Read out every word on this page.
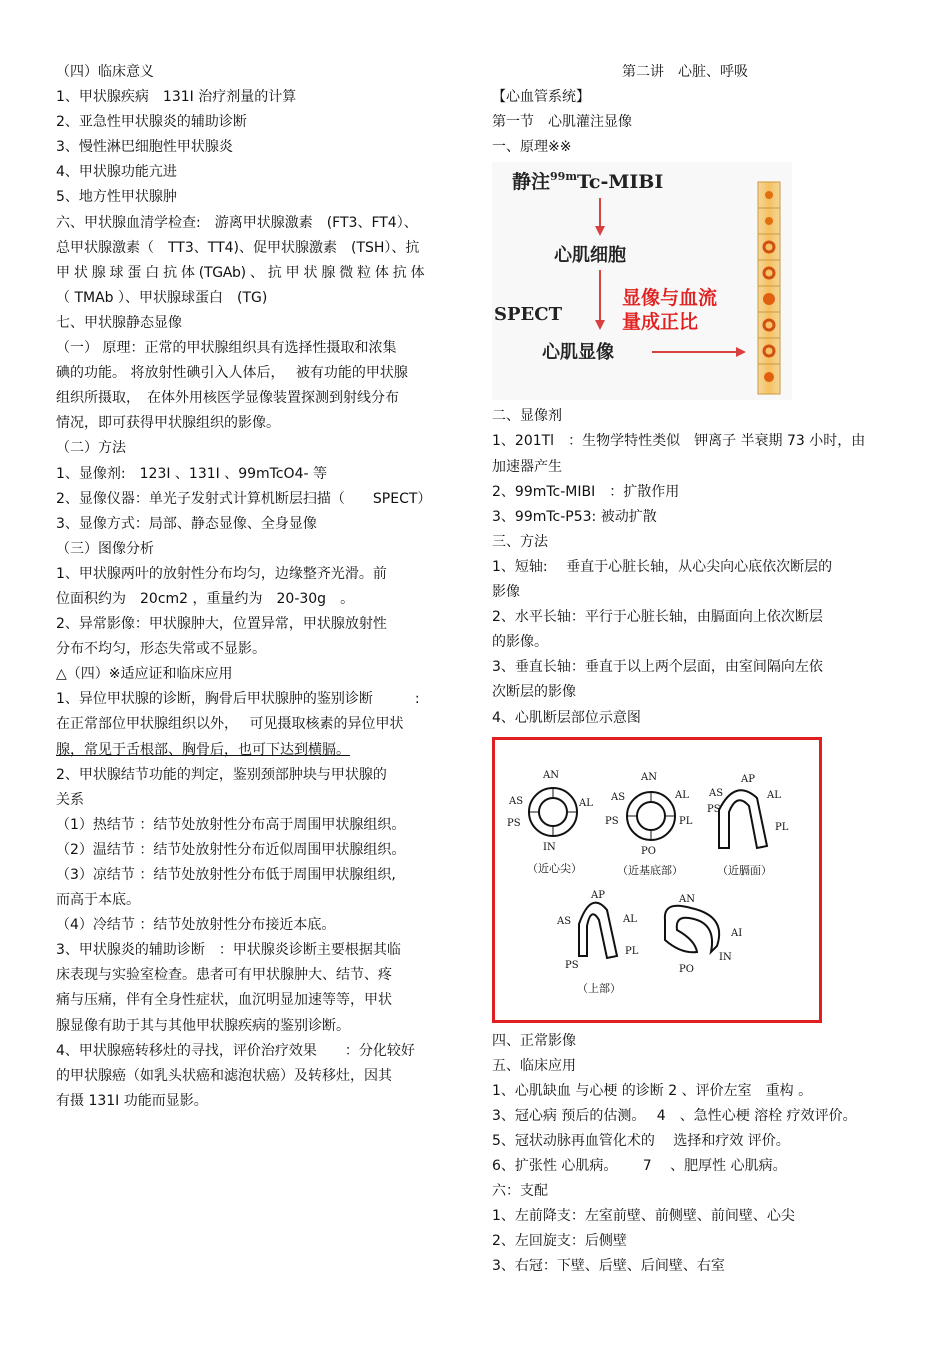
（四）临床意义
1、甲状腺疾病　131I 治疗剂量的计算
2、亚急性甲状腺炎的辅助诊断
3、慢性淋巴细胞性甲状腺炎
4、甲状腺功能亢进
5、地方性甲状腺肿
六、甲状腺血清学检查:　游离甲状腺激素　(FT3、FT4）、
总甲状腺激素（　TT3、TT4)、促甲状腺激素　(TSH）、抗
甲 状 腺 球 蛋 白 抗 体 (TGAb) 、 抗 甲 状 腺 微 粒 体 抗 体
（ TMAb ）、甲状腺球蛋白　(TG)
七、甲状腺静态显像
（一） 原理：正常的甲状腺组织具有选择性摄取和浓集
碘的功能。 将放射性碘引入人体后，　 被有功能的甲状腺
组织所摄取，　在体外用核医学显像装置探测到射线分布
情况，即可获得甲状腺组织的影像。
（二）方法
1、显像剂:　123I 、131I 、99mTcO4- 等
2、显像仪器：单光子发射式计算机断层扫描（　　SPECT）
3、显像方式：局部、静态显像、全身显像
（三）图像分析
1、甲状腺两叶的放射性分布均匀，边缘整齐光滑。前
位面积约为　20cm2 ，重量约为　20-30g　。
2、异常影像：甲状腺肿大，位置异常，甲状腺放射性
分布不均匀，形态失常或不显影。
△（四）※适应证和临床应用
1、异位甲状腺的诊断，胸骨后甲状腺肿的鉴别诊断　　　:
在正常部位甲状腺组织以外，　 可见摄取核素的异位甲状
腺，常见于舌根部、胸骨后，也可下达到横膈。
2、甲状腺结节功能的判定，鉴别颈部肿块与甲状腺的
关系
（1）热结节 ：结节处放射性分布高于周围甲状腺组织。
（2）温结节 ：结节处放射性分布近似周围甲状腺组织。
（3）凉结节 ：结节处放射性分布低于周围甲状腺组织,
而高于本底。
（4）冷结节 ：结节处放射性分布接近本底。
3、甲状腺炎的辅助诊断　：甲状腺炎诊断主要根据其临
床表现与实验室检查。患者可有甲状腺肿大、结节、疼
痛与压痛，伴有全身性症状，血沉明显加速等等，甲状
腺显像有助于其与其他甲状腺疾病的鉴别诊断。
4、甲状腺癌转移灶的寻找，评价治疗效果　　：分化较好
的甲状腺癌（如乳头状癌和滤泡状癌）及转移灶，因其
有摄 131I 功能而显影。
第二讲　心脏、呼吸
【心血管系统】
第一节　心肌灌注显像
一、原理※※
静注$^{99m}$Tc-MIBI
心肌细胞
SPECT
显像与血流
量成正比
心肌显像
二、显像剂
1、201Tl　：生物学特性类似　钾离子 半衰期 73 小时，由
加速器产生
2、99mTc-MIBI　：扩散作用
3、99mTc-P53: 被动扩散
三、方法
1、短轴:　 垂直于心脏长轴，从心尖向心底依次断层的
影像
2、水平长轴：平行于心脏长轴，由膈面向上依次断层
的影像。
3、垂直长轴：垂直于以上两个层面，由室间隔向左依
次断层的影像
4、心肌断层部位示意图
AN
AS	AL
PS
IN
（近心尖）
AN
AS	AL
PS	PL
PO
（近基底部）
AP
AS	AL
PS
PL
（近膈面）
AP
AS	AL
PS
PL
（上部）
AN
AI
IN
PO
四、正常影像
五、临床应用
1、心肌缺血 与心梗 的诊断 2 、评价左室　重构 。
3、冠心病 预后的估测。　 4　、急性心梗 溶栓 疗效评价。
5、冠状动脉再血管化术的　 选择和疗效 评价。
6、扩张性 心肌病。　　 7　 、肥厚性 心肌病。
六：支配
1、左前降支：左室前壁、前侧壁、前间壁、心尖
2、左回旋支：后侧壁
3、右冠：下壁、后壁、后间壁、右室
